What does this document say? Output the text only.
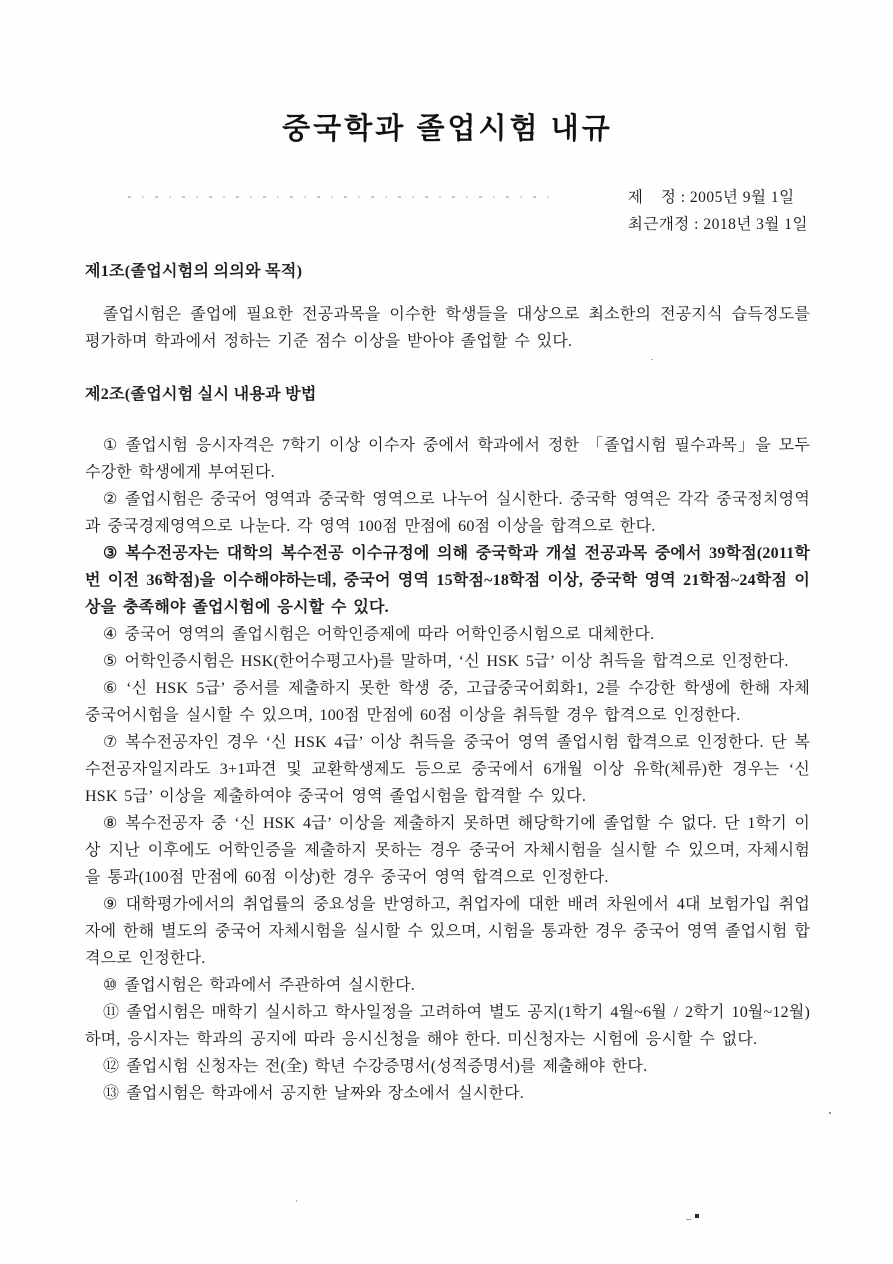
중국학과 졸업시험 내규
제    정 : 2005년 9월 1일
최근개정 : 2018년 3월 1일
제1조(졸업시험의 의의와 목적)

졸업시험은 졸업에 필요한 전공과목을 이수한 학생들을 대상으로 최소한의 전공지식 습득정도를 평가하며 학과에서 정하는 기준 점수 이상을 받아야 졸업할 수 있다.

제2조(졸업시험 실시 내용과 방법

① 졸업시험 응시자격은 7학기 이상 이수자 중에서 학과에서 정한 「졸업시험 필수과목」을 모두 수강한 학생에게 부여된다.

② 졸업시험은 중국어 영역과 중국학 영역으로 나누어 실시한다. 중국학 영역은 각각 중국정치영역과 중국경제영역으로 나눈다. 각 영역 100점 만점에 60점 이상을 합격으로 한다.

③ 복수전공자는 대학의 복수전공 이수규정에 의해 중국학과 개설 전공과목 중에서 39학점(2011학번 이전 36학점)을 이수해야하는데, 중국어 영역 15학점~18학점 이상, 중국학 영역 21학점~24학점 이상을 충족해야 졸업시험에 응시할 수 있다.

④ 중국어 영역의 졸업시험은 어학인증제에 따라 어학인증시험으로 대체한다.

⑤ 어학인증시험은 HSK(한어수평고사)를 말하며, ‘신 HSK 5급’ 이상 취득을 합격으로 인정한다.

⑥ ‘신 HSK 5급’ 증서를 제출하지 못한 학생 중, 고급중국어회화1, 2를 수강한 학생에 한해 자체 중국어시험을 실시할 수 있으며, 100점 만점에 60점 이상을 취득할 경우 합격으로 인정한다.

⑦ 복수전공자인 경우 ‘신 HSK 4급’ 이상 취득을 중국어 영역 졸업시험 합격으로 인정한다. 단 복수전공자일지라도 3+1파견 및 교환학생제도 등으로 중국에서 6개월 이상 유학(체류)한 경우는 ‘신 HSK 5급’ 이상을 제출하여야 중국어 영역 졸업시험을 합격할 수 있다.

⑧ 복수전공자 중 ‘신 HSK 4급’ 이상을 제출하지 못하면 해당학기에 졸업할 수 없다. 단 1학기 이상 지난 이후에도 어학인증을 제출하지 못하는 경우 중국어 자체시험을 실시할 수 있으며, 자체시험을 통과(100점 만점에 60점 이상)한 경우 중국어 영역 합격으로 인정한다.

⑨ 대학평가에서의 취업률의 중요성을 반영하고, 취업자에 대한 배려 차원에서 4대 보험가입 취업자에 한해 별도의 중국어 자체시험을 실시할 수 있으며, 시험을 통과한 경우 중국어 영역 졸업시험 합격으로 인정한다.

⑩ 졸업시험은 학과에서 주관하여 실시한다.

⑪ 졸업시험은 매학기 실시하고 학사일정을 고려하여 별도 공지(1학기 4월~6월 / 2학기 10월~12월)하며, 응시자는 학과의 공지에 따라 응시신청을 해야 한다. 미신청자는 시험에 응시할 수 없다.

⑫ 졸업시험 신청자는 전(全) 학년 수강증명서(성적증명서)를 제출해야 한다.

⑬ 졸업시험은 학과에서 공지한 날짜와 장소에서 실시한다.
